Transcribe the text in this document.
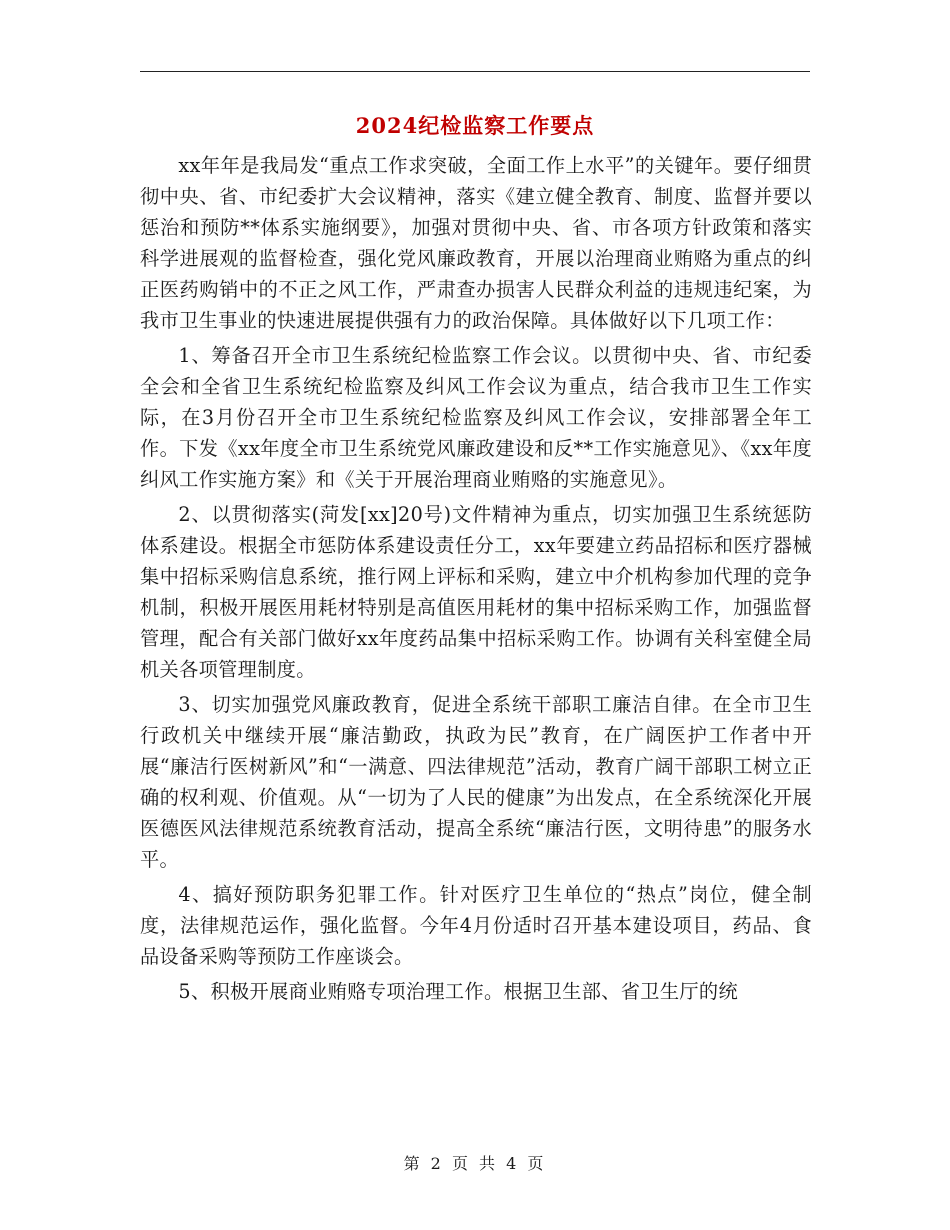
2024纪检监察工作要点

xx年年是我局发“重点工作求突破，全面工作上水平”的关键年。要仔细贯彻中央、省、市纪委扩大会议精神，落实《建立健全教育、制度、监督并要以惩治和预防**体系实施纲要》，加强对贯彻中央、省、市各项方针政策和落实科学进展观的监督检查，强化党风廉政教育，开展以治理商业贿赂为重点的纠正医药购销中的不正之风工作，严肃查办损害人民群众利益的违规违纪案，为我市卫生事业的快速进展提供强有力的政治保障。具体做好以下几项工作：

1、筹备召开全市卫生系统纪检监察工作会议。以贯彻中央、省、市纪委全会和全省卫生系统纪检监察及纠风工作会议为重点，结合我市卫生工作实际，在3月份召开全市卫生系统纪检监察及纠风工作会议，安排部署全年工作。下发《xx年度全市卫生系统党风廉政建设和反**工作实施意见》、《xx年度纠风工作实施方案》和《关于开展治理商业贿赂的实施意见》。

2、以贯彻落实(菏发[xx]20号)文件精神为重点，切实加强卫生系统惩防体系建设。根据全市惩防体系建设责任分工，xx年要建立药品招标和医疗器械集中招标采购信息系统，推行网上评标和采购，建立中介机构参加代理的竞争机制，积极开展医用耗材特别是高值医用耗材的集中招标采购工作，加强监督管理，配合有关部门做好xx年度药品集中招标采购工作。协调有关科室健全局机关各项管理制度。

3、切实加强党风廉政教育，促进全系统干部职工廉洁自律。在全市卫生行政机关中继续开展“廉洁勤政，执政为民”教育，在广阔医护工作者中开展“廉洁行医树新风”和“一满意、四法律规范”活动，教育广阔干部职工树立正确的权利观、价值观。从“一切为了人民的健康”为出发点，在全系统深化开展医德医风法律规范系统教育活动，提高全系统“廉洁行医，文明待患”的服务水平。

4、搞好预防职务犯罪工作。针对医疗卫生单位的“热点”岗位，健全制度，法律规范运作，强化监督。今年4月份适时召开基本建设项目，药品、食品设备采购等预防工作座谈会。

5、积极开展商业贿赂专项治理工作。根据卫生部、省卫生厅的统

第 2 页 共 4 页
